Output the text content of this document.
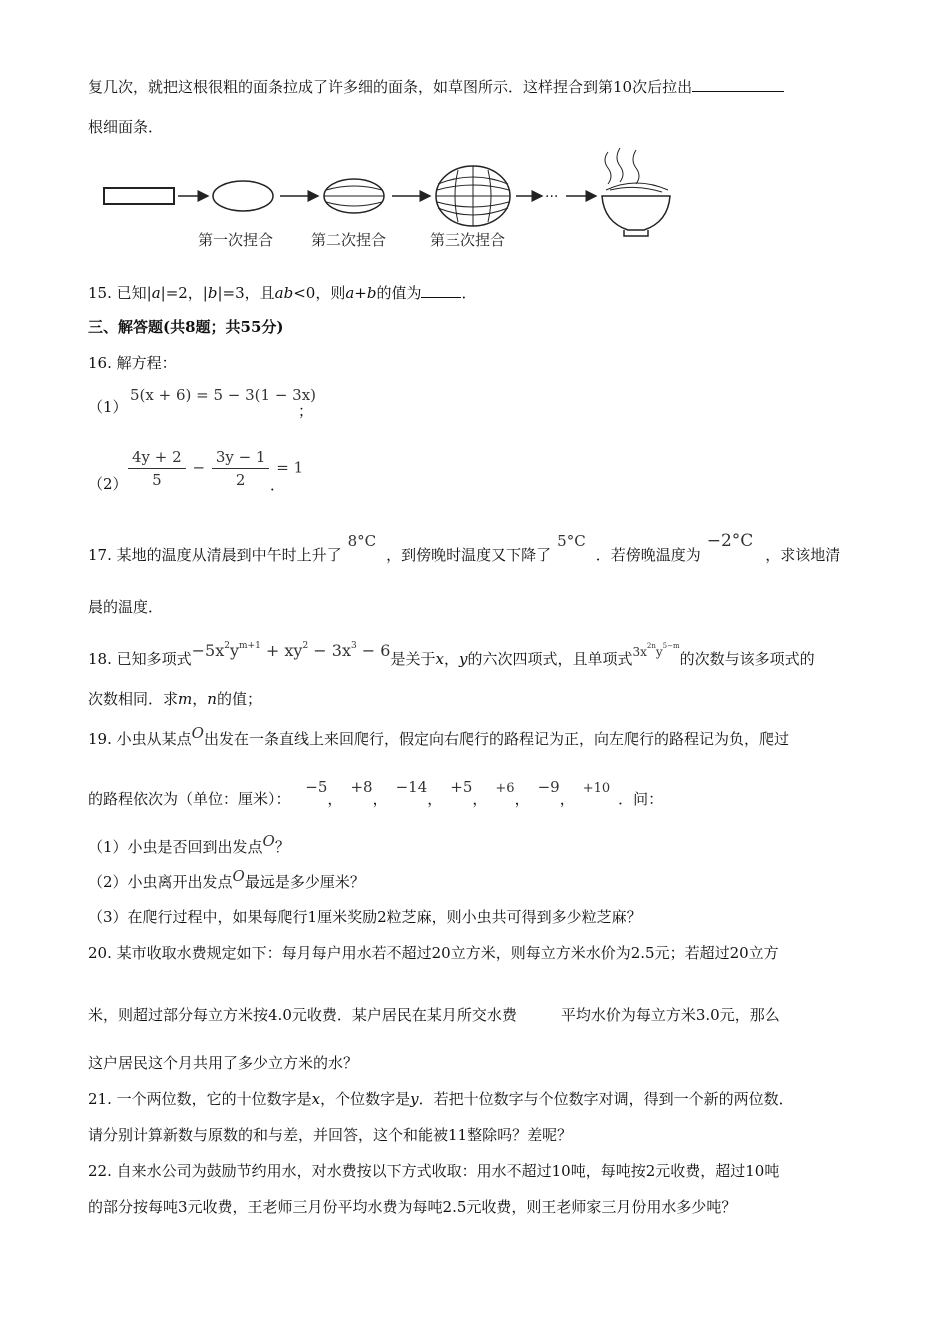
复几次，就把这根很粗的面条拉成了许多细的面条，如草图所示．这样捏合到第10次后拉出
根细面条．
···
第一次捏合	第二次捏合	第三次捏合
15. 已知|a|=2，|b|=3，且ab<0，则a+b的值为	．
三、解答题(共8题；共55分)
16. 解方程：
（1）
5(x + 6) = 5 − 3(1 − 3x)
；
$(2) \frac{4y + 2}{5} - \frac{3y - 1}{2} = 1$
．
17. 某地的温度从清晨到中午时上升了8°C，到傍晚时温度又下降了5°C．若傍晚温度为−2°C，求该地清
晨的温度．
18. 已知多项式$-5x^2y^{m+1} + xy^2 - 3x^3 - 6$是关于x，y的六次四项式，且单项式$^{3x^{2n}y^{5-m}}$的次数与该多项式的
次数相同．求m，n的值；
19. 小虫从某点O出发在一条直线上来回爬行，假定向右爬行的路程记为正，向左爬行的路程记为负，爬过
的路程依次为（单位：厘米）： −5，+8，−14，+5，+6，−9，+10．问：
（1）小虫是否回到出发点O？
（2）小虫离开出发点O最远是多少厘米？
（3）在爬行过程中，如果每爬行1厘米奖励2粒芝麻，则小虫共可得到多少粒芝麻？
20. 某市收取水费规定如下：每月每户用水若不超过20立方米，则每立方米水价为2.5元；若超过20立方
米，则超过部分每立方米按4.0元收费．某户居民在某月所交水费	平均水价为每立方米3.0元，那么
这户居民这个月共用了多少立方米的水？
21. 一个两位数，它的十位数字是x，个位数字是y．若把十位数字与个位数字对调，得到一个新的两位数．
请分别计算新数与原数的和与差，并回答，这个和能被11整除吗？差呢？
22. 自来水公司为鼓励节约用水，对水费按以下方式收取：用水不超过10吨，每吨按2元收费，超过10吨
的部分按每吨3元收费，王老师三月份平均水费为每吨2.5元收费，则王老师家三月份用水多少吨？
